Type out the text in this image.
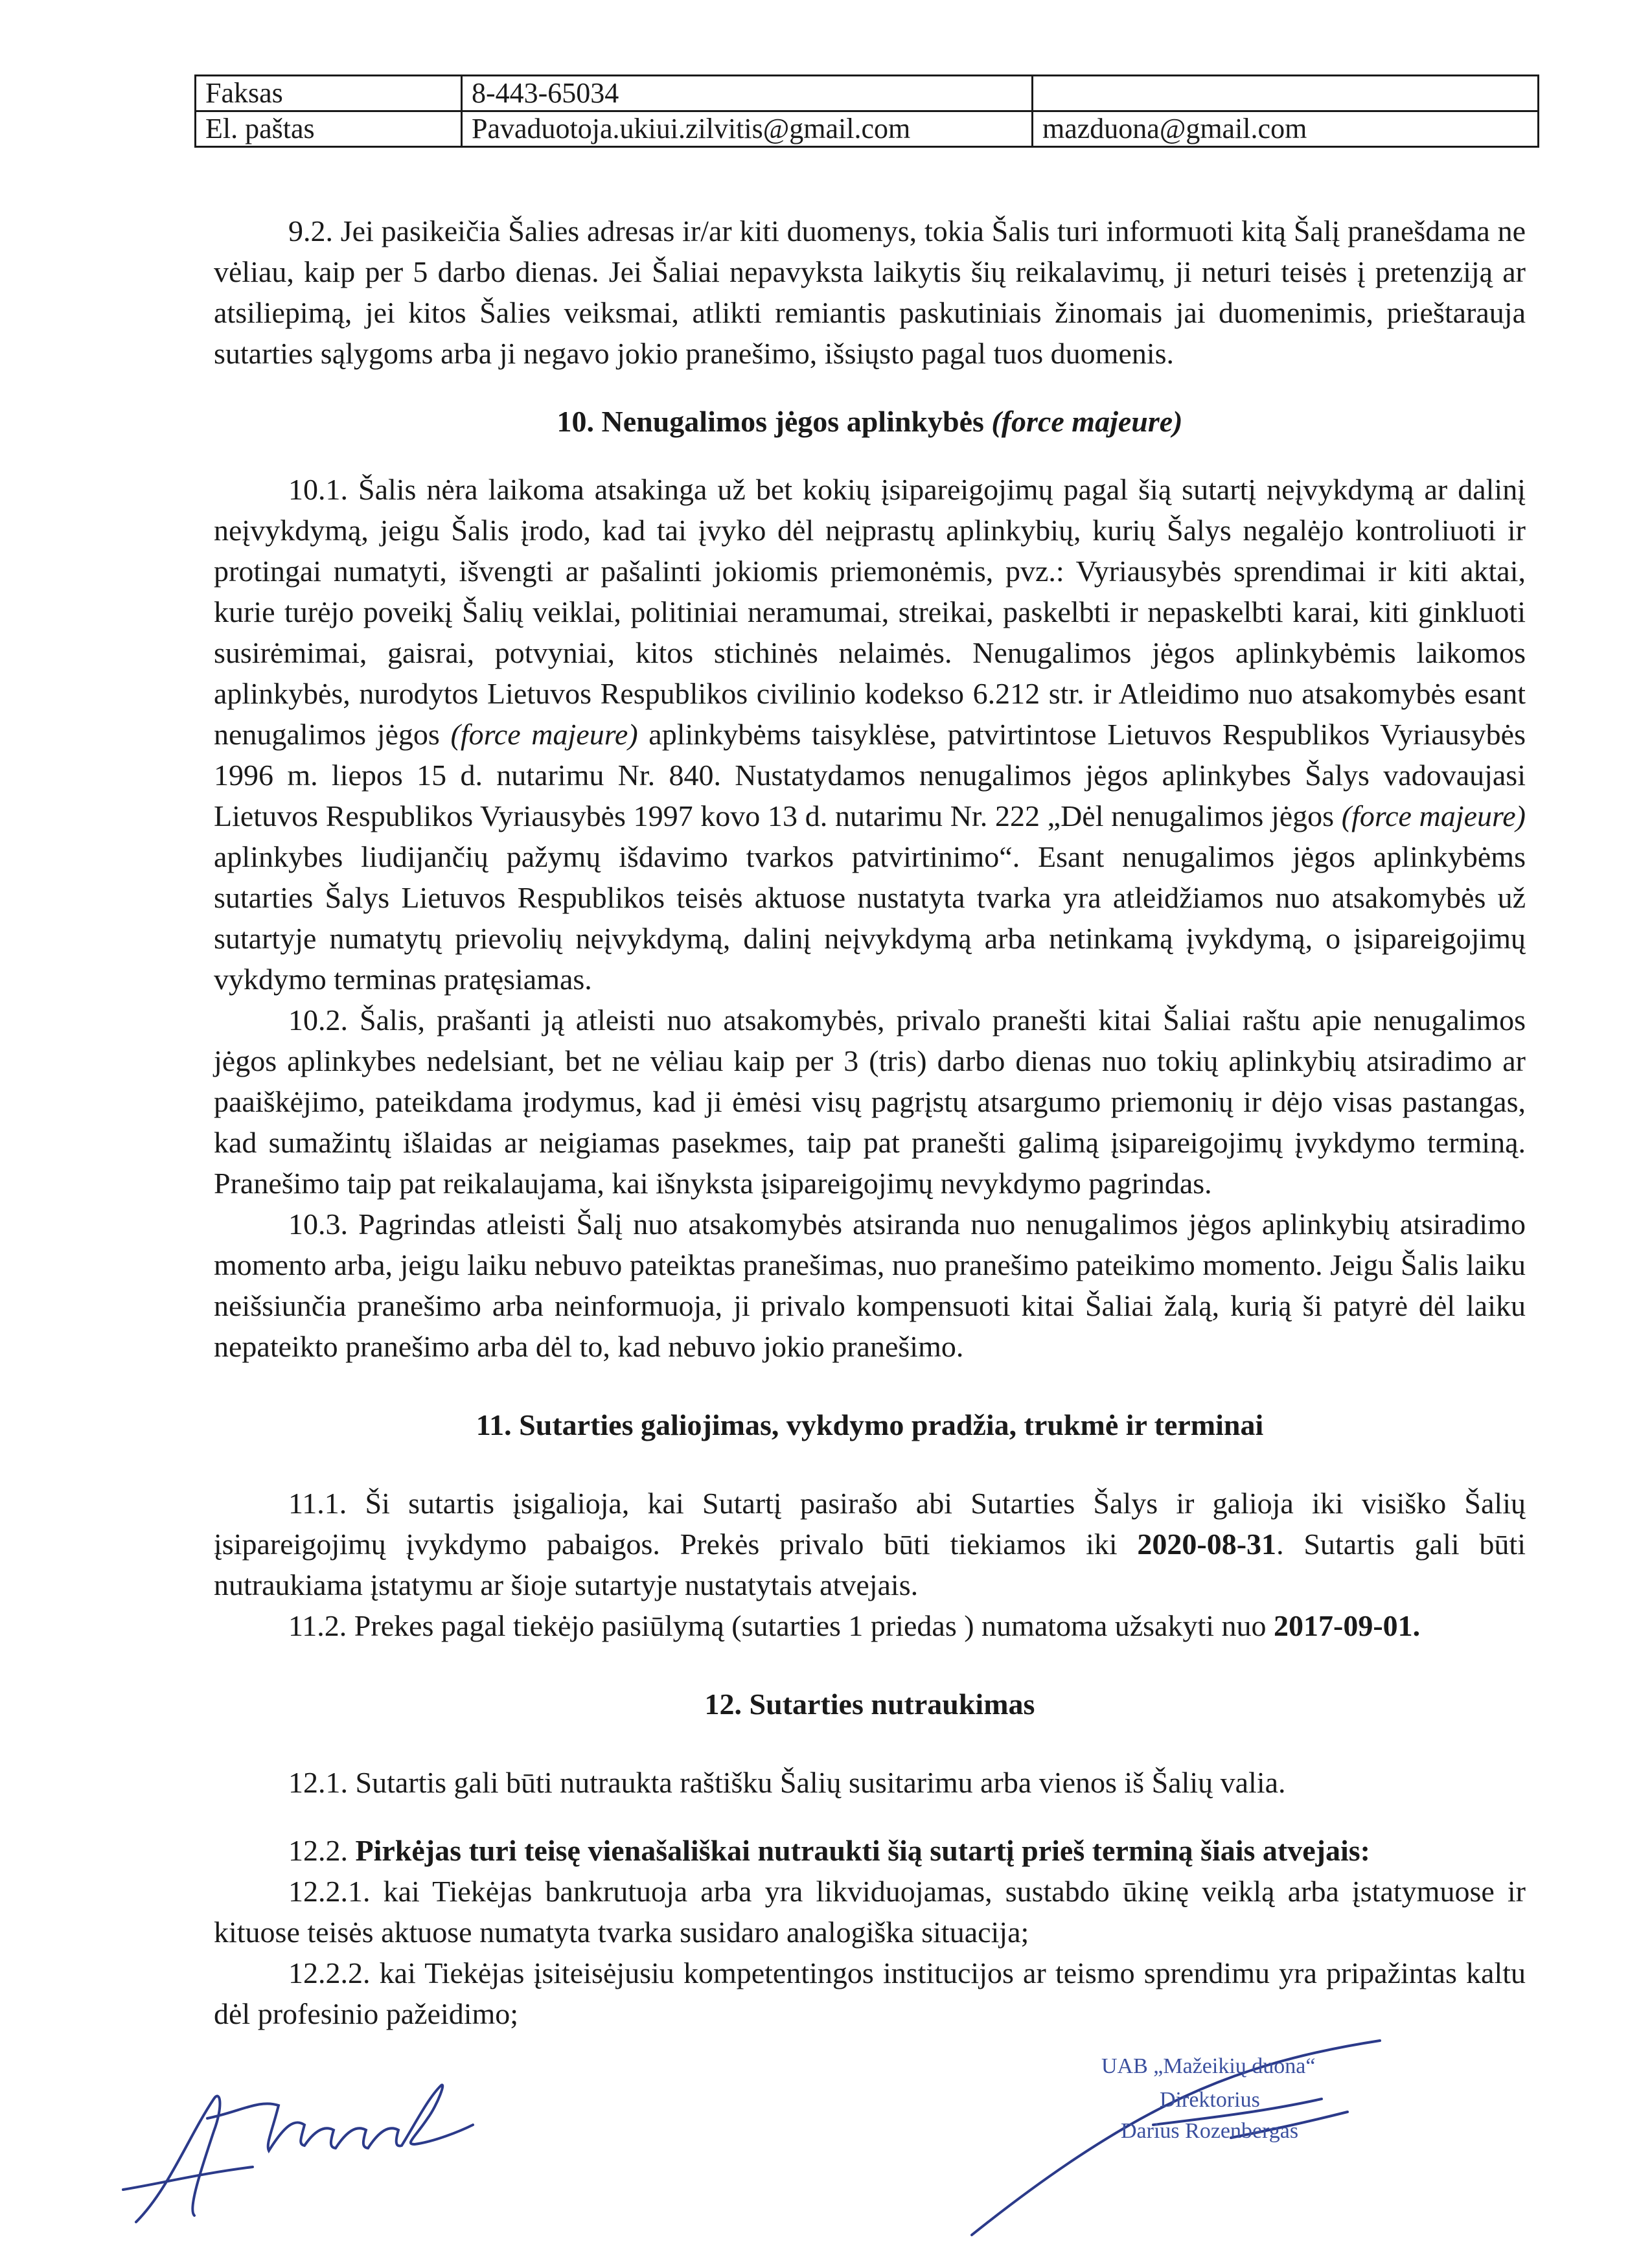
Faksas	8-443-65034	
El. paštas	Pavaduotoja.ukiui.zilvitis@gmail.com	mazduona@gmail.com

9.2. Jei pasikeičia Šalies adresas ir/ar kiti duomenys, tokia Šalis turi informuoti kitą Šalį pranešdama ne vėliau, kaip per 5 darbo dienas. Jei Šaliai nepavyksta laikytis šių reikalavimų, ji neturi teisės į pretenziją ar atsiliepimą, jei kitos Šalies veiksmai, atlikti remiantis paskutiniais žinomais jai duomenimis, prieštarauja sutarties sąlygoms arba ji negavo jokio pranešimo, išsiųsto pagal tuos duomenis.

10. Nenugalimos jėgos aplinkybės (force majeure)

10.1. Šalis nėra laikoma atsakinga už bet kokių įsipareigojimų pagal šią sutartį neįvykdymą ar dalinį neįvykdymą, jeigu Šalis įrodo, kad tai įvyko dėl neįprastų aplinkybių, kurių Šalys negalėjo kontroliuoti ir protingai numatyti, išvengti ar pašalinti jokiomis priemonėmis, pvz.: Vyriausybės sprendimai ir kiti aktai, kurie turėjo poveikį Šalių veiklai, politiniai neramumai, streikai, paskelbti ir nepaskelbti karai, kiti ginkluoti susirėmimai, gaisrai, potvyniai, kitos stichinės nelaimės. Nenugalimos jėgos aplinkybėmis laikomos aplinkybės, nurodytos Lietuvos Respublikos civilinio kodekso 6.212 str. ir Atleidimo nuo atsakomybės esant nenugalimos jėgos (force majeure) aplinkybėms taisyklėse, patvirtintose Lietuvos Respublikos Vyriausybės 1996 m. liepos 15 d. nutarimu Nr. 840. Nustatydamos nenugalimos jėgos aplinkybes Šalys vadovaujasi Lietuvos Respublikos Vyriausybės 1997 kovo 13 d. nutarimu Nr. 222 „Dėl nenugalimos jėgos (force majeure) aplinkybes liudijančių pažymų išdavimo tvarkos patvirtinimo“. Esant nenugalimos jėgos aplinkybėms sutarties Šalys Lietuvos Respublikos teisės aktuose nustatyta tvarka yra atleidžiamos nuo atsakomybės už sutartyje numatytų prievolių neįvykdymą, dalinį neįvykdymą arba netinkamą įvykdymą, o įsipareigojimų vykdymo terminas pratęsiamas.

10.2. Šalis, prašanti ją atleisti nuo atsakomybės, privalo pranešti kitai Šaliai raštu apie nenugalimos jėgos aplinkybes nedelsiant, bet ne vėliau kaip per 3 (tris) darbo dienas nuo tokių aplinkybių atsiradimo ar paaiškėjimo, pateikdama įrodymus, kad ji ėmėsi visų pagrįstų atsargumo priemonių ir dėjo visas pastangas, kad sumažintų išlaidas ar neigiamas pasekmes, taip pat pranešti galimą įsipareigojimų įvykdymo terminą. Pranešimo taip pat reikalaujama, kai išnyksta įsipareigojimų nevykdymo pagrindas.

10.3. Pagrindas atleisti Šalį nuo atsakomybės atsiranda nuo nenugalimos jėgos aplinkybių atsiradimo momento arba, jeigu laiku nebuvo pateiktas pranešimas, nuo pranešimo pateikimo momento. Jeigu Šalis laiku neišsiunčia pranešimo arba neinformuoja, ji privalo kompensuoti kitai Šaliai žalą, kurią ši patyrė dėl laiku nepateikto pranešimo arba dėl to, kad nebuvo jokio pranešimo.

11. Sutarties galiojimas, vykdymo pradžia, trukmė ir terminai

11.1. Ši sutartis įsigalioja, kai Sutartį pasirašo abi Sutarties Šalys ir galioja iki visiško Šalių įsipareigojimų įvykdymo pabaigos. Prekės privalo būti tiekiamos iki 2020-08-31. Sutartis gali būti nutraukiama įstatymu ar šioje sutartyje nustatytais atvejais.

11.2. Prekes pagal tiekėjo pasiūlymą (sutarties 1 priedas ) numatoma užsakyti nuo 2017-09-01.

12. Sutarties nutraukimas

12.1. Sutartis gali būti nutraukta raštišku Šalių susitarimu arba vienos iš Šalių valia.

12.2. Pirkėjas turi teisę vienašališkai nutraukti šią sutartį prieš terminą šiais atvejais:

12.2.1. kai Tiekėjas bankrutuoja arba yra likviduojamas, sustabdo ūkinę veiklą arba įstatymuose ir kituose teisės aktuose numatyta tvarka susidaro analogiška situacija;

12.2.2. kai Tiekėjas įsiteisėjusiu kompetentingos institucijos ar teismo sprendimu yra pripažintas kaltu dėl profesinio pažeidimo;

UAB „Mažeikių duona“
Direktorius
Darius Rozenbergas
